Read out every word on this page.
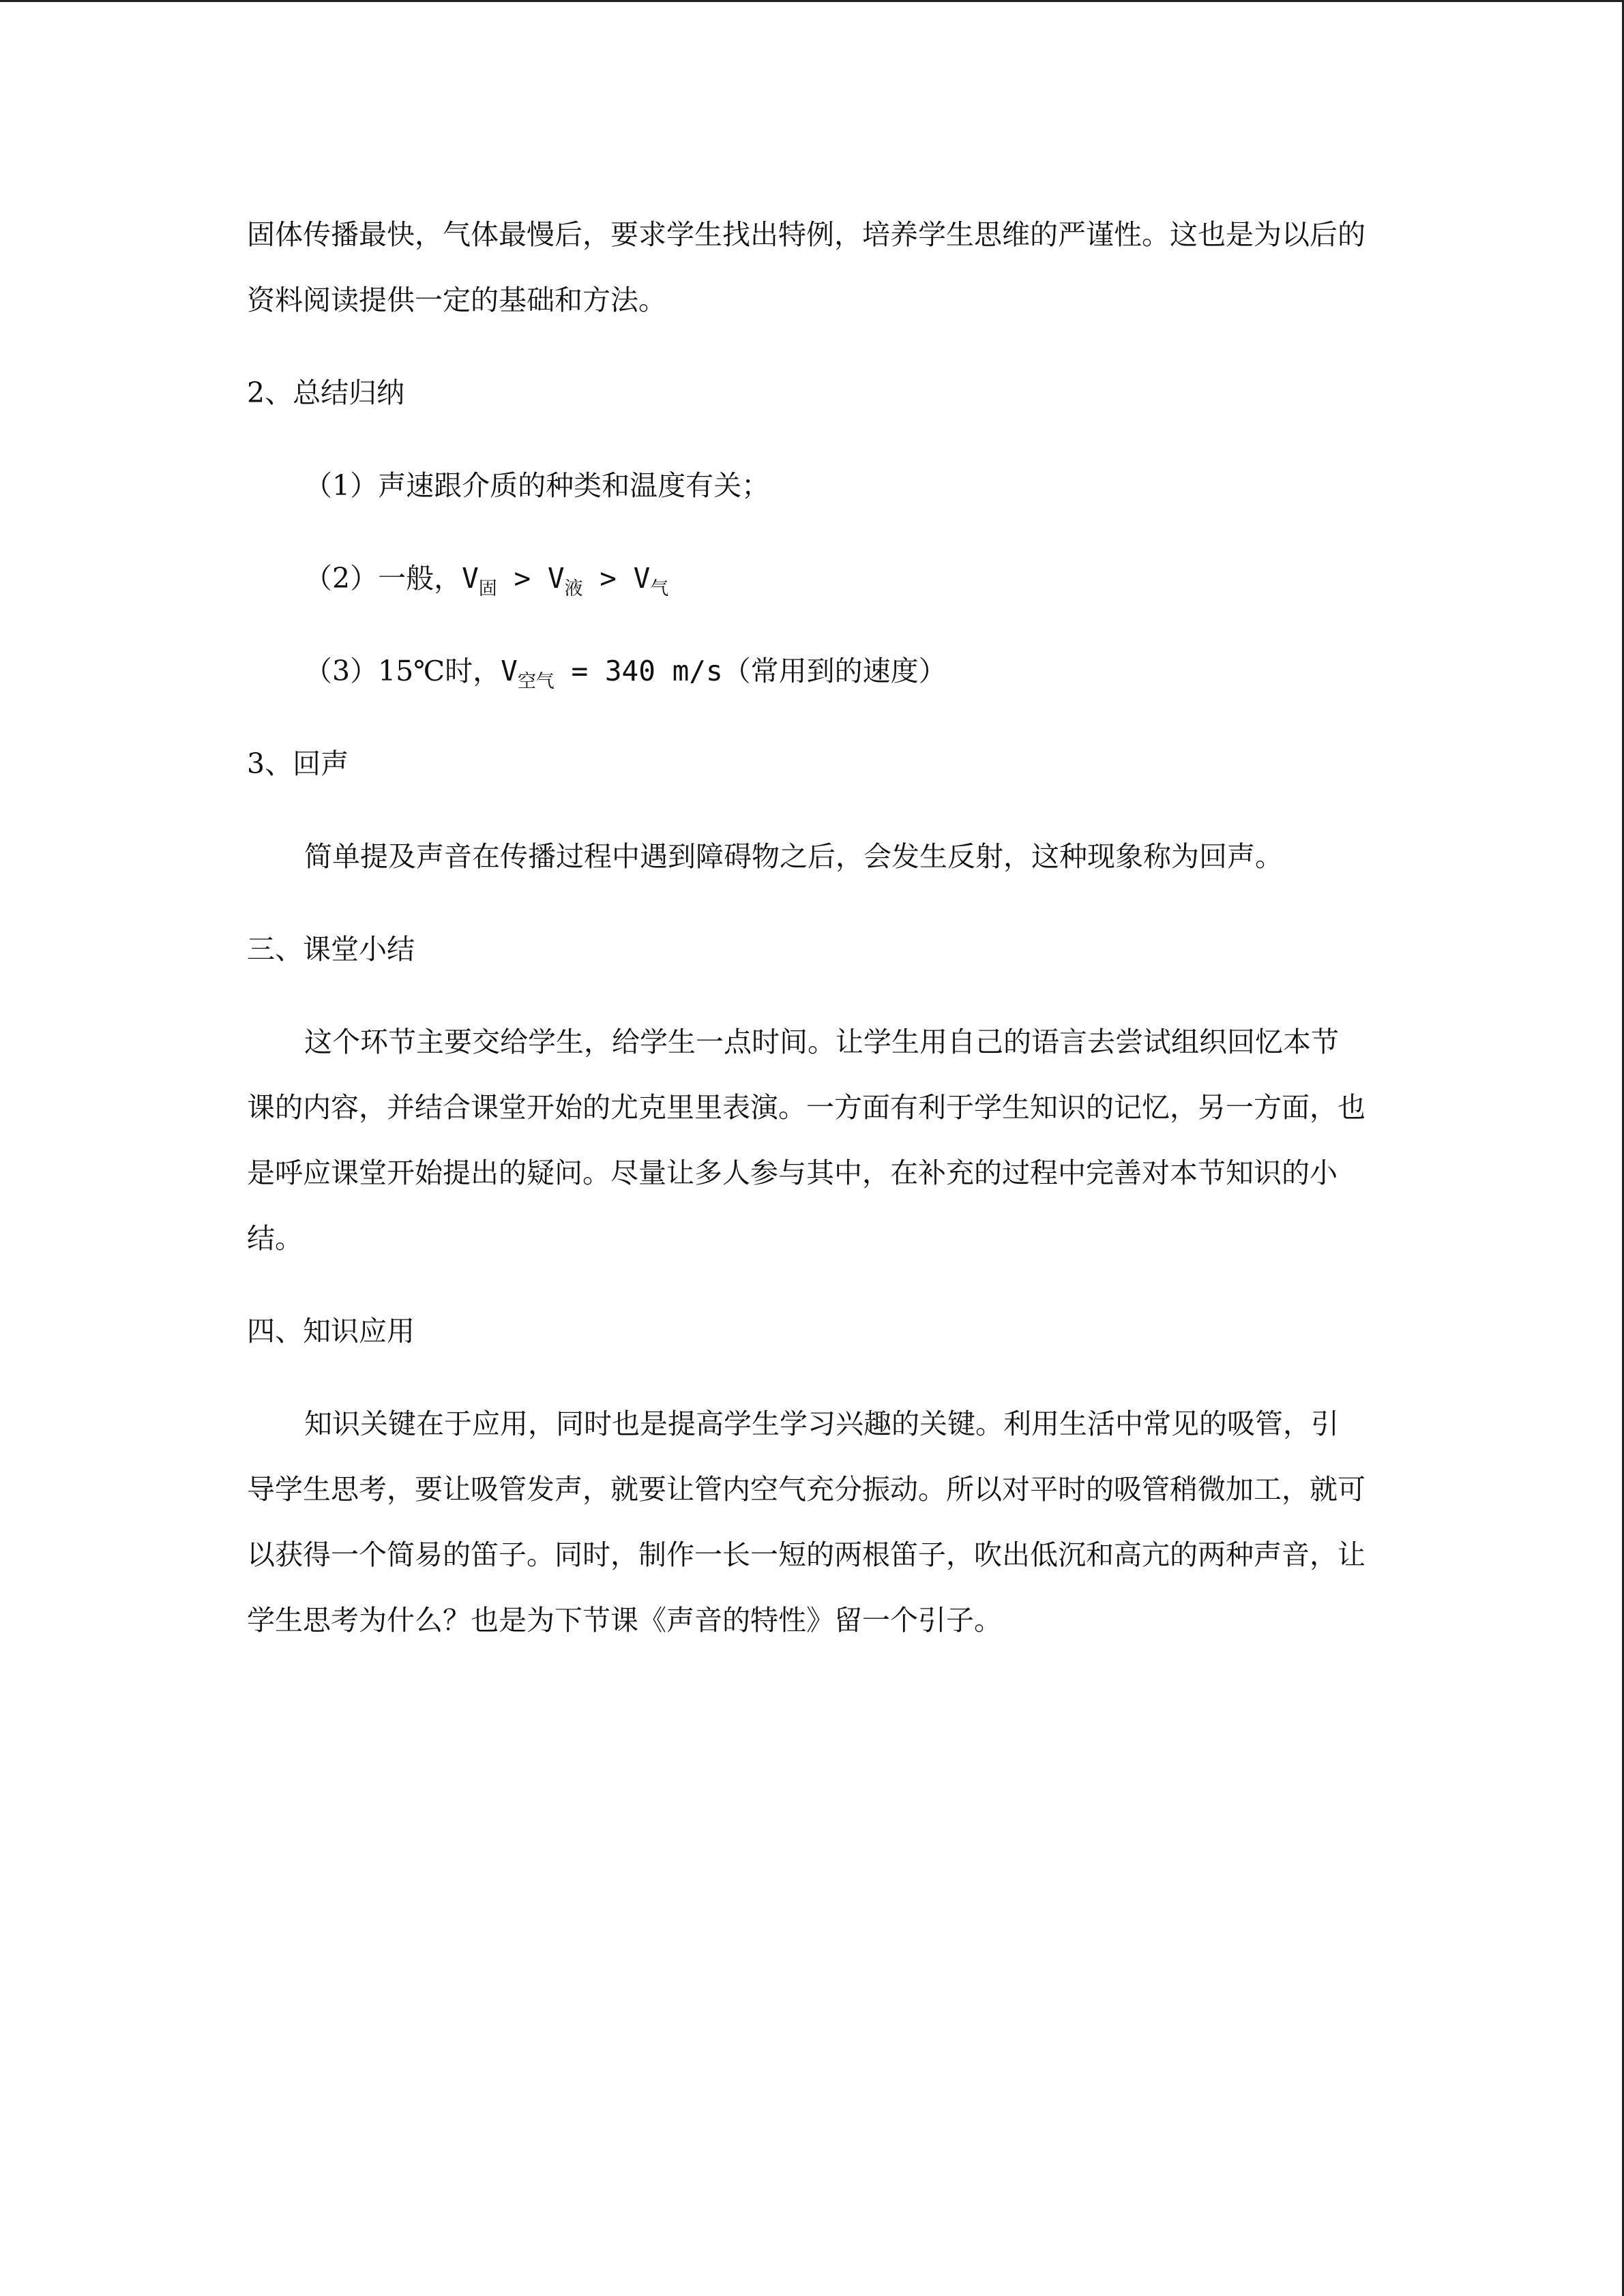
固体传播最快，气体最慢后，要求学生找出特例，培养学生思维的严谨性。这也是为以后的资料阅读提供一定的基础和方法。

2、总结归纳

（1）声速跟介质的种类和温度有关；

（2）一般，$V_固 > V_液 > V_气$

（3）15℃时，$V_{空气} = 340$ m/s（常用到的速度）

3、回声

简单提及声音在传播过程中遇到障碍物之后，会发生反射，这种现象称为回声。

三、课堂小结

这个环节主要交给学生，给学生一点时间。让学生用自己的语言去尝试组织回忆本节课的内容，并结合课堂开始的尤克里里表演。一方面有利于学生知识的记忆，另一方面，也是呼应课堂开始提出的疑问。尽量让多人参与其中，在补充的过程中完善对本节知识的小结。

四、知识应用

知识关键在于应用，同时也是提高学生学习兴趣的关键。利用生活中常见的吸管，引导学生思考，要让吸管发声，就要让管内空气充分振动。所以对平时的吸管稍微加工，就可以获得一个简易的笛子。同时，制作一长一短的两根笛子，吹出低沉和高亢的两种声音，让学生思考为什么？也是为下节课《声音的特性》留一个引子。
